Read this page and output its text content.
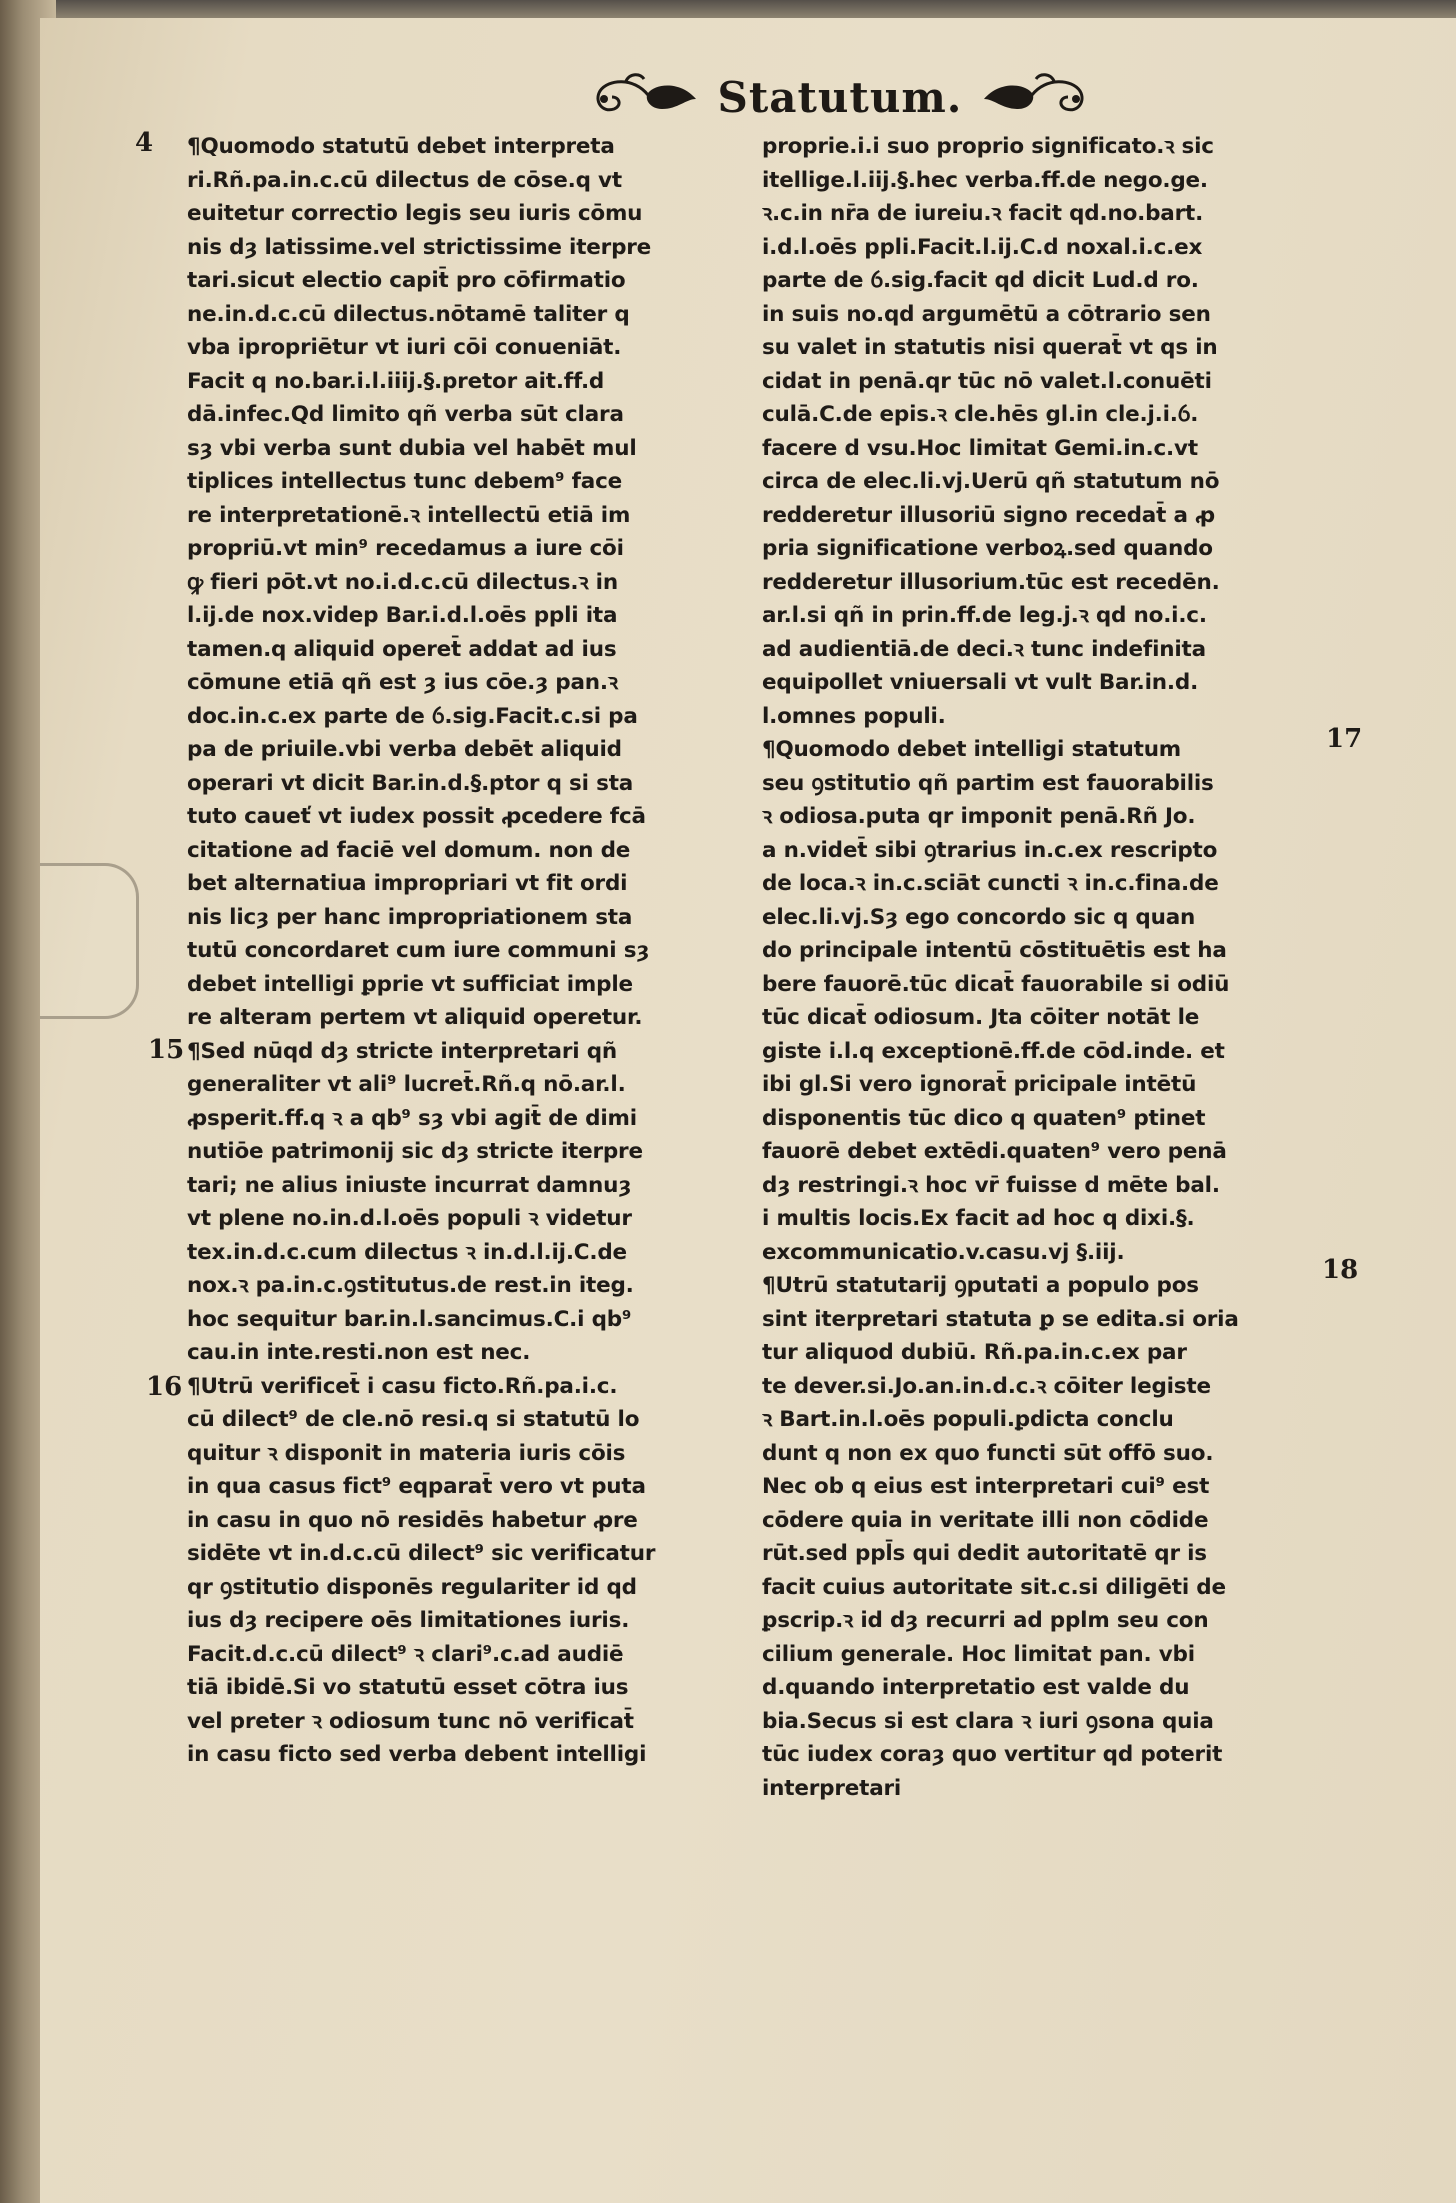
Statutum.
4
15
16
17
18
¶Quomodo statutū debet interpreta
ri.Rñ.pa.in.c.cū dilectus de cōse.q vt
euitetur correctio legis seu iuris cōmu
nis dȝ latissime.vel strictissime iterpre
tari.sicut electio capit̄ pro cōfirmatio
ne.in.d.c.cū dilectus.nōtamē taliter q
vba ipropriētur vt iuri cōi conueniāt.
Facit q no.bar.i.l.iiij.§.pretor ait.ff.d
dā.infec.Qd limito qñ verba sūt clara
sȝ vbi verba sunt dubia vel habēt mul
tiplices intellectus tunc debem⁹ face
re interpretationē.ꝛ intellectū etiā im
propriū.vt min⁹ recedamus a iure cōi
ꝙ fieri pōt.vt no.i.d.c.cū dilectus.ꝛ in
l.ij.de nox.videp Bar.i.d.l.oēs ppli ita
tamen.q aliquid operet̄ addat ad ius
cōmune etiā qñ est ȝ ius cōe.ȝ pan.ꝛ
doc.in.c.ex parte de ỽ.sig.Facit.c.si pa
pa de priuile.vbi verba debēt aliquid
operari vt dicit Bar.in.d.§.ptor q si sta
tuto caueť vt iudex possit ꝓcedere fcā
citatione ad faciē vel domum. non de
bet alternatiua impropriari vt fit ordi
nis licȝ per hanc impropriationem sta
tutū concordaret cum iure communi sȝ
debet intelligi ꝑprie vt sufficiat imple
re alteram pertem vt aliquid operetur.
¶Sed nūqd dȝ stricte interpretari qñ
generaliter vt ali⁹ lucret̄.Rñ.q nō.ar.l.
ꝓsperit.ff.q ꝛ a qb⁹ sȝ vbi agit̄ de dimi
nutiōe patrimonij sic dȝ stricte iterpre
tari; ne alius iniuste incurrat damnuȝ
vt plene no.in.d.l.oēs populi ꝛ videtur
tex.in.d.c.cum dilectus ꝛ in.d.l.ij.C.de
nox.ꝛ pa.in.c.ꝯstitutus.de rest.in iteg.
hoc sequitur bar.in.l.sancimus.C.i qb⁹
cau.in inte.resti.non est nec.
¶Utrū verificet̄ i casu ficto.Rñ.pa.i.c.
cū dilect⁹ de cle.nō resi.q si statutū lo
quitur ꝛ disponit in materia iuris cōis
in qua casus fict⁹ eqparat̄ vero vt puta
in casu in quo nō residēs habetur ꝓre
sidēte vt in.d.c.cū dilect⁹ sic verificatur
qr ꝯstitutio disponēs regulariter id qd
ius dȝ recipere oēs limitationes iuris.
Facit.d.c.cū dilect⁹ ꝛ clari⁹.c.ad audiē
tiā ibidē.Si vo statutū esset cōtra ius
vel preter ꝛ odiosum tunc nō verificat̄
in casu ficto sed verba debent intelligi
proprie.i.i suo proprio significato.ꝛ sic
itellige.l.iij.§.hec verba.ff.de nego.ge.
ꝛ.c.in nr̄a de iureiu.ꝛ facit qd.no.bart.
i.d.l.oēs ppli.Facit.l.ij.C.d noxal.i.c.ex
parte de ỽ.sig.facit qd dicit Lud.d ro.
in suis no.qd argumētū a cōtrario sen
su valet in statutis nisi querat̄ vt qs in
cidat in penā.qr tūc nō valet.l.conuēti
culā.C.de epis.ꝛ cle.hēs gl.in cle.j.i.ỽ.
facere d vsu.Hoc limitat Gemi.in.c.vt
circa de elec.li.vj.Uerū qñ statutum nō
redderetur illusoriū signo recedat̄ a ꝓ
pria significatione verboꝝ.sed quando
redderetur illusorium.tūc est recedēn.
ar.l.si qñ in prin.ff.de leg.j.ꝛ qd no.i.c.
ad audientiā.de deci.ꝛ tunc indefinita
equipollet vniuersali vt vult Bar.in.d.
l.omnes populi.
¶Quomodo debet intelligi statutum
seu ꝯstitutio qñ partim est fauorabilis
ꝛ odiosa.puta qr imponit penā.Rñ Jo.
a n.videt̄ sibi ꝯtrarius in.c.ex rescripto
de loca.ꝛ in.c.sciāt cuncti ꝛ in.c.fina.de
elec.li.vj.Sȝ ego concordo sic q quan
do principale intentū cōstituētis est ha
bere fauorē.tūc dicat̄ fauorabile si odiū
tūc dicat̄ odiosum. Jta cōiter notāt le
giste i.l.q exceptionē.ff.de cōd.inde. et
ibi gl.Si vero ignorat̄ pricipale intētū
disponentis tūc dico q quaten⁹ ptinet
fauorē debet extēdi.quaten⁹ vero penā
dȝ restringi.ꝛ hoc vr̄ fuisse d mēte bal.
i multis locis.Ex facit ad hoc q dixi.§.
excommunicatio.v.casu.vj §.iij.
¶Utrū statutarij ꝯputati a populo pos
sint iterpretari statuta ꝑ se edita.si oria
tur aliquod dubiū. Rñ.pa.in.c.ex par
te dever.si.Jo.an.in.d.c.ꝛ cōiter legiste
ꝛ Bart.in.l.oēs populi.ꝑdicta conclu
dunt q non ex quo functi sūt offō suo.
Nec ob q eius est interpretari cui⁹ est
cōdere quia in veritate illi non cōdide
rūt.sed ppl̄s qui dedit autoritatē qr is
facit cuius autoritate sit.c.si diligēti de
ꝑscrip.ꝛ id dȝ recurri ad pplm seu con
cilium generale. Hoc limitat pan. vbi
d.quando interpretatio est valde du
bia.Secus si est clara ꝛ iuri ꝯsona quia
tūc iudex coraȝ quo vertitur qd poterit
interpretari
